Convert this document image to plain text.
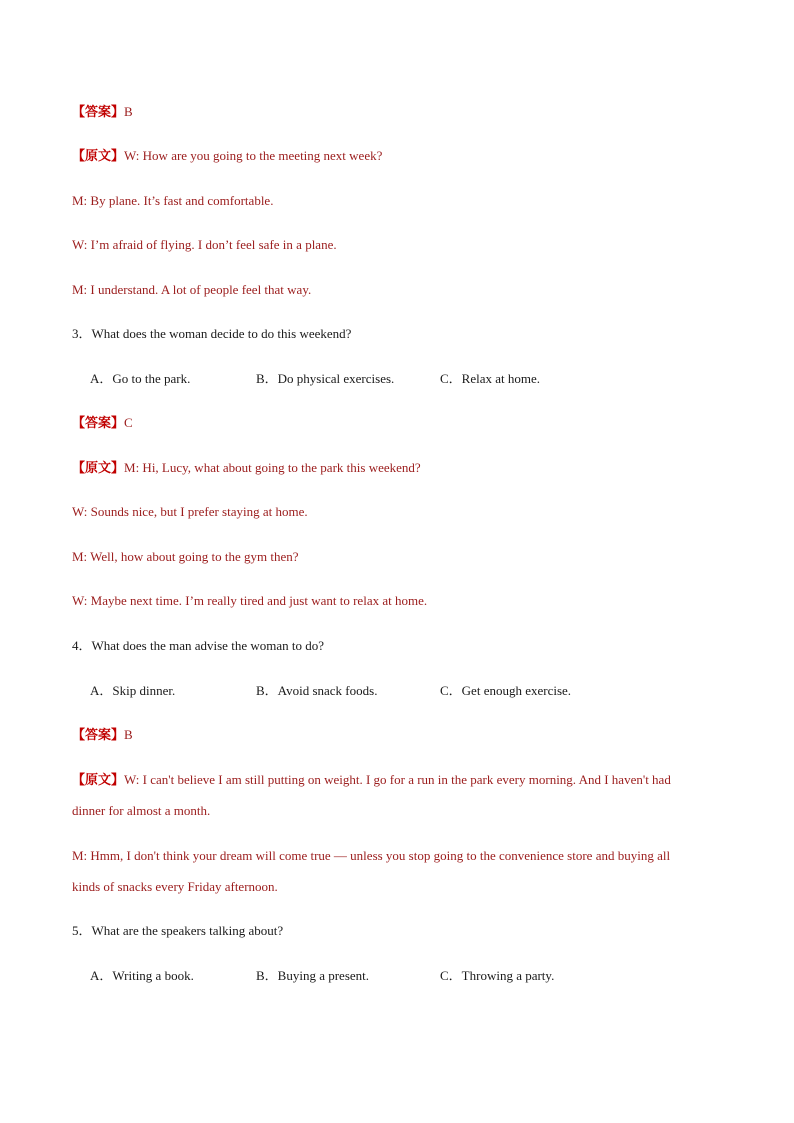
【答案】B
【原文】W: How are you going to the meeting next week?
M: By plane. It’s fast and comfortable.
W: I’m afraid of flying. I don’t feel safe in a plane.
M: I understand. A lot of people feel that way.
3．What does the woman decide to do this weekend?
A．Go to the park.	B．Do physical exercises.	C．Relax at home.
【答案】C
【原文】M: Hi, Lucy, what about going to the park this weekend?
W: Sounds nice, but I prefer staying at home.
M: Well, how about going to the gym then?
W: Maybe next time. I’m really tired and just want to relax at home.
4．What does the man advise the woman to do?
A．Skip dinner.	B．Avoid snack foods.	C．Get enough exercise.
【答案】B
【原文】W: I can't believe I am still putting on weight. I go for a run in the park every morning. And I haven't had
dinner for almost a month.
M: Hmm, I don't think your dream will come true — unless you stop going to the convenience store and buying all
kinds of snacks every Friday afternoon.
5．What are the speakers talking about?
A．Writing a book.	B．Buying a present.	C．Throwing a party.
